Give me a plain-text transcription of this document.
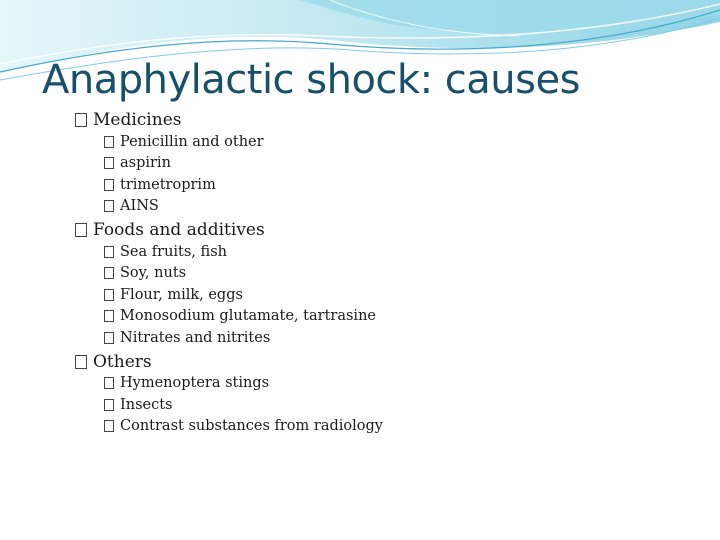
Anaphylactic shock: causes
Medicines
Penicillin and other
aspirin
trimetroprim
AINS
Foods and additives
Sea fruits, fish
Soy, nuts
Flour, milk, eggs
Monosodium glutamate, tartrasine
Nitrates and nitrites
Others
Hymenoptera stings
Insects
Contrast substances from radiology
